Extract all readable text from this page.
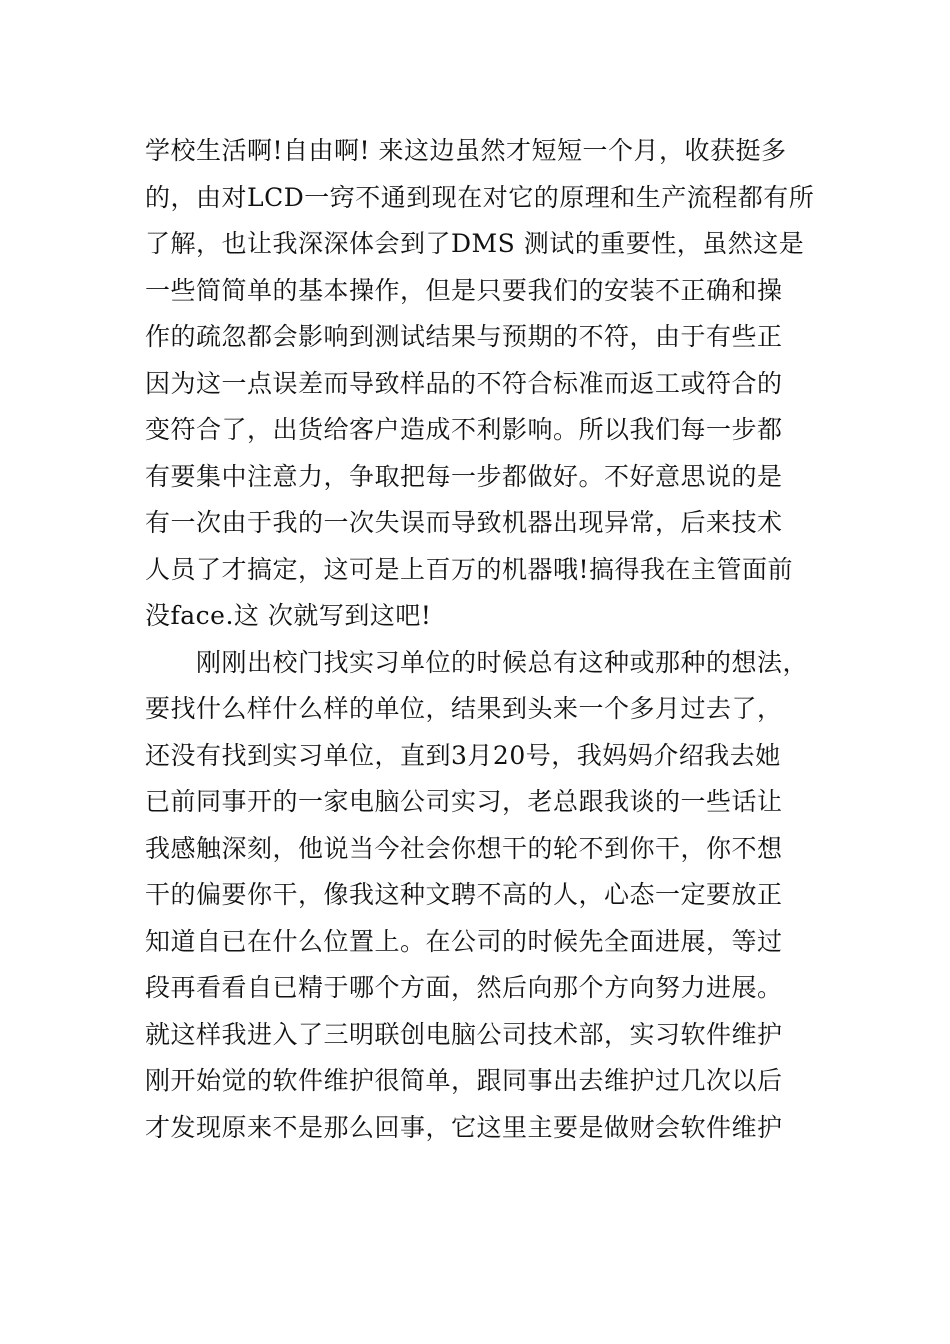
学校生活啊!自由啊! 来这边虽然才短短一个月，收获挺多
的，由对LCD一窍不通到现在对它的原理和生产流程都有所
了解，也让我深深体会到了DMS 测试的重要性，虽然这是
一些简简单的基本操作，但是只要我们的安装不正确和操
作的疏忽都会影响到测试结果与预期的不符，由于有些正
因为这一点误差而导致样品的不符合标准而返工或符合的
变符合了，出货给客户造成不利影响。所以我们每一步都
有要集中注意力，争取把每一步都做好。不好意思说的是
有一次由于我的一次失误而导致机器出现异常，后来技术
人员了才搞定，这可是上百万的机器哦!搞得我在主管面前
没face.这 次就写到这吧!
刚刚出校门找实习单位的时候总有这种或那种的想法，
要找什么样什么样的单位，结果到头来一个多月过去了，
还没有找到实习单位，直到3月20号，我妈妈介绍我去她
已前同事开的一家电脑公司实习，老总跟我谈的一些话让
我感触深刻，他说当今社会你想干的轮不到你干，你不想
干的偏要你干，像我这种文聘不高的人，心态一定要放正
知道自已在什么位置上。在公司的时候先全面进展，等过
段再看看自已精于哪个方面，然后向那个方向努力进展。
就这样我进入了三明联创电脑公司技术部，实习软件维护
刚开始觉的软件维护很简单，跟同事出去维护过几次以后
才发现原来不是那么回事，它这里主要是做财会软件维护
